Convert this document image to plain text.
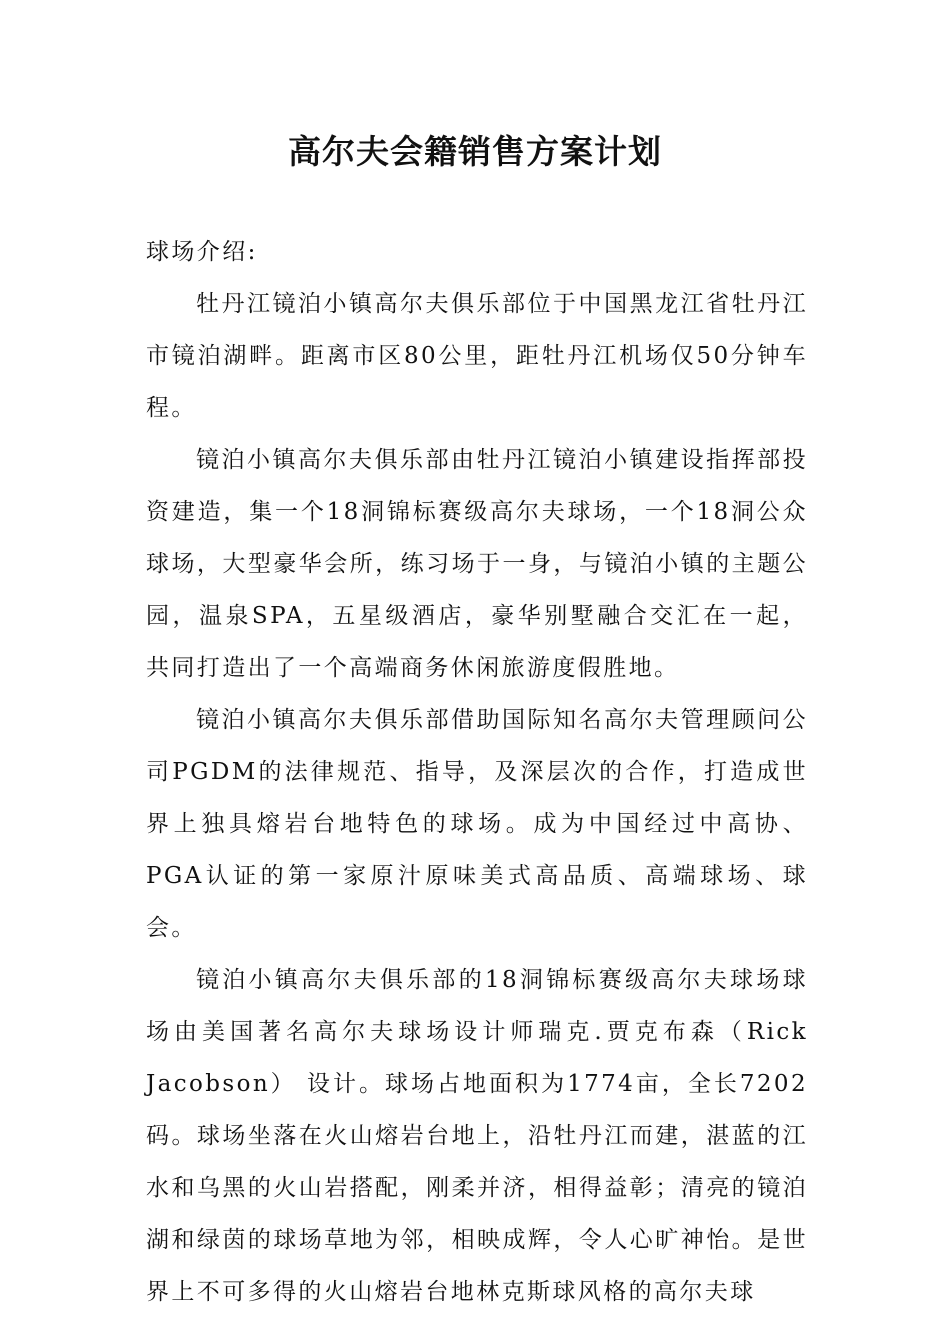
高尔夫会籍销售方案计划

球场介绍:

牡丹江镜泊小镇高尔夫俱乐部位于中国黑龙江省牡丹江市镜泊湖畔。距离市区80公里，距牡丹江机场仅50分钟车程。

镜泊小镇高尔夫俱乐部由牡丹江镜泊小镇建设指挥部投资建造，集一个18洞锦标赛级高尔夫球场，一个18洞公众球场，大型豪华会所，练习场于一身，与镜泊小镇的主题公园，温泉SPA，五星级酒店，豪华别墅融合交汇在一起，共同打造出了一个高端商务休闲旅游度假胜地。

镜泊小镇高尔夫俱乐部借助国际知名高尔夫管理顾问公司PGDM的法律规范、指导，及深层次的合作，打造成世界上独具熔岩台地特色的球场。成为中国经过中高协、PGA认证的第一家原汁原味美式高品质、高端球场、球会。

镜泊小镇高尔夫俱乐部的18洞锦标赛级高尔夫球场球场由美国著名高尔夫球场设计师瑞克.贾克布森（Rick Jacobson） 设计。球场占地面积为1774亩，全长7202码。球场坐落在火山熔岩台地上，沿牡丹江而建，湛蓝的江水和乌黑的火山岩搭配，刚柔并济，相得益彰；清亮的镜泊湖和绿茵的球场草地为邻，相映成辉，令人心旷神怡。是世界上不可多得的火山熔岩台地林克斯球风格的高尔夫球
